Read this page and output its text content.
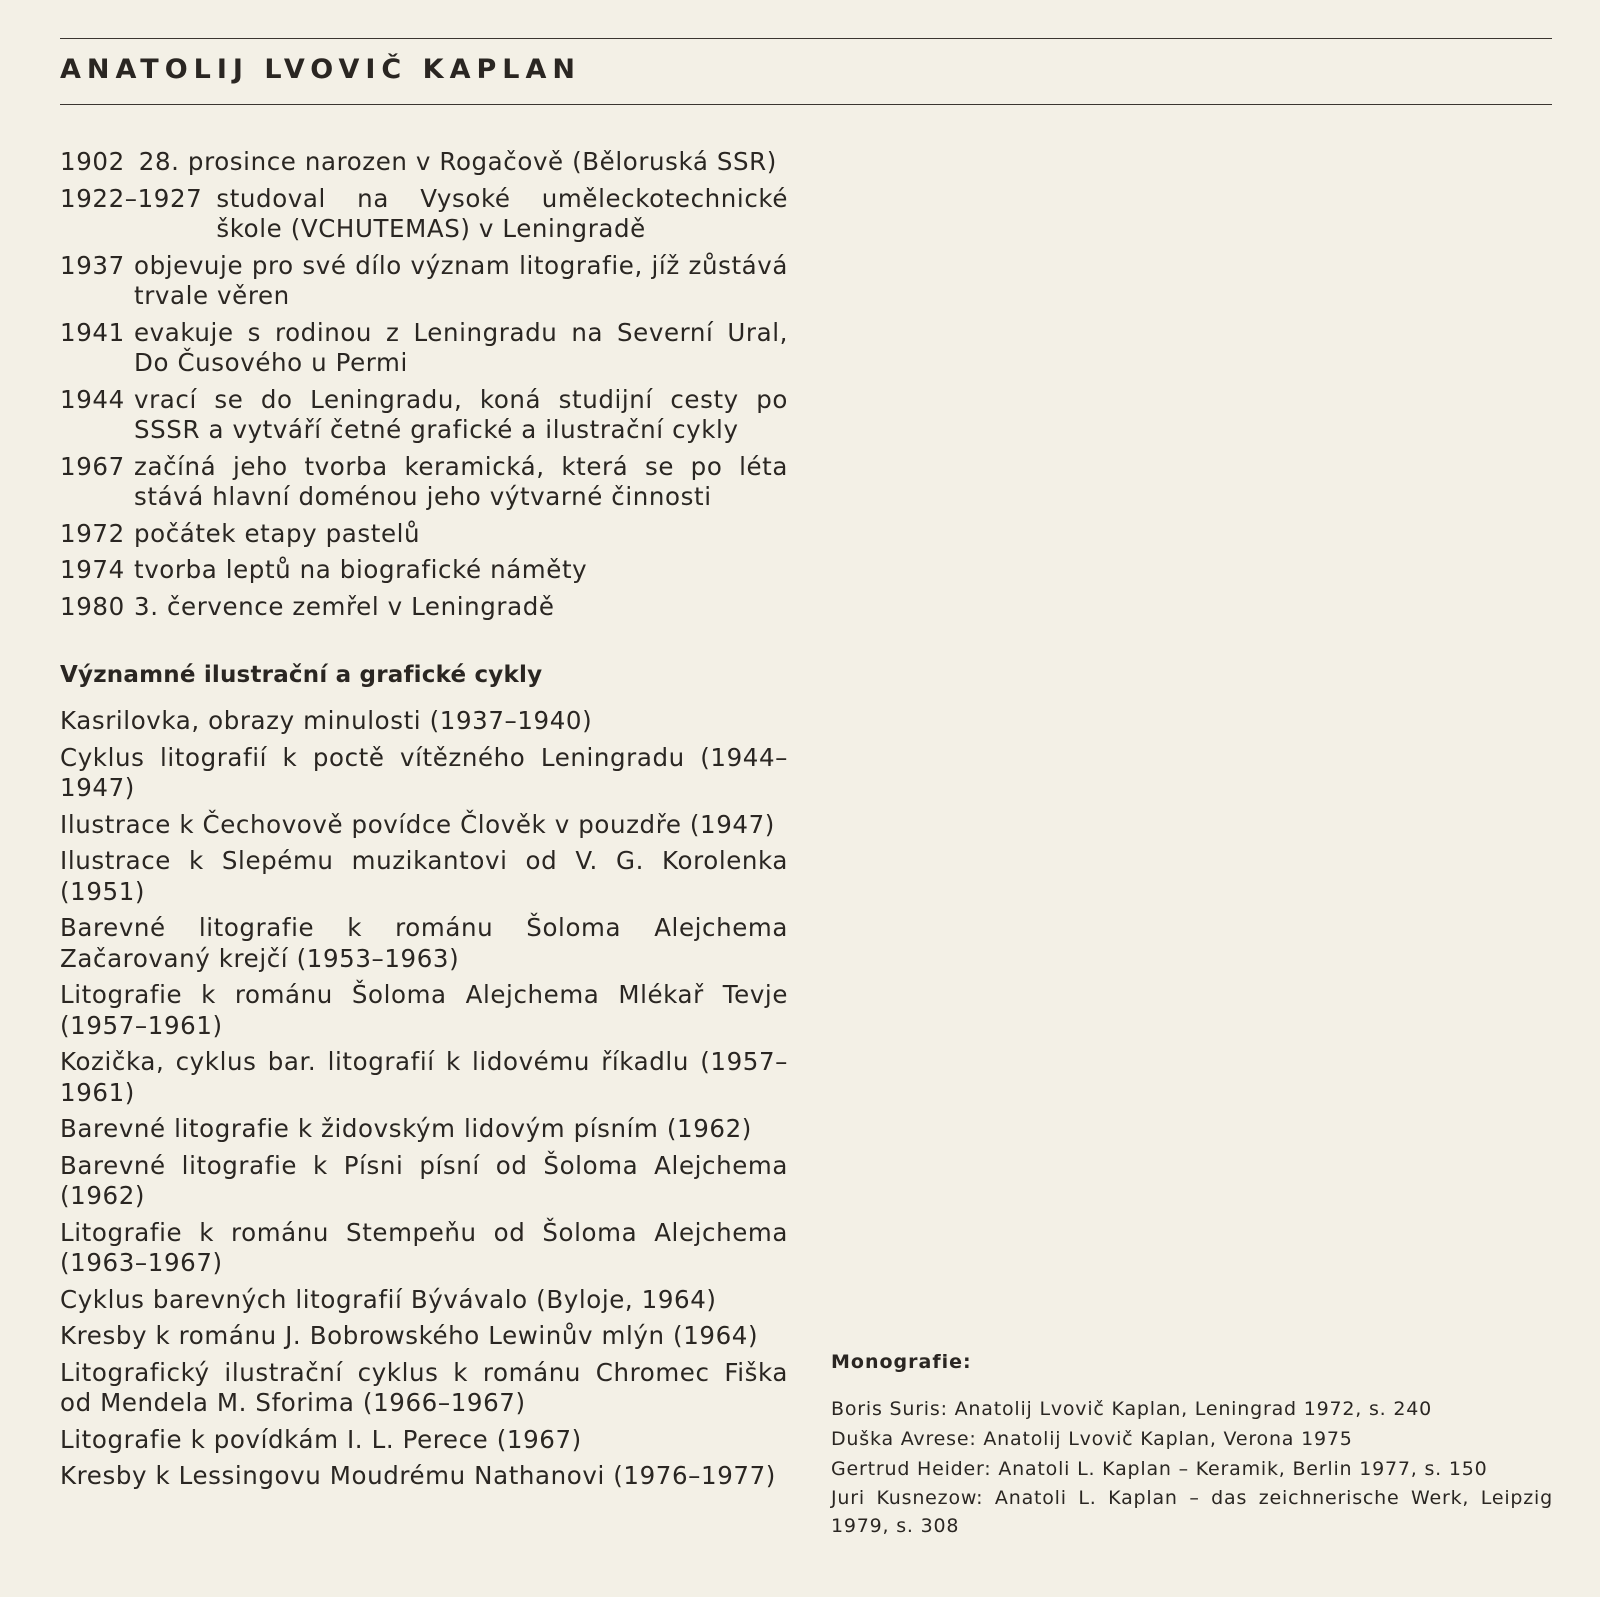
ANATOLIJ LVOVIČ KAPLAN
1902 28. prosince narozen v Rogačově (Běloruská SSR)
1922–1927 studoval na Vysoké uměleckotechnické škole (VCHUTEMAS) v Leningradě
1937 objevuje pro své dílo význam litografie, jíž zůstává trvale věren
1941 evakuje s rodinou z Leningradu na Severní Ural, Do Čusového u Permi
1944 vrací se do Leningradu, koná studijní cesty po SSSR a vytváří četné grafické a ilustrační cykly
1967 začíná jeho tvorba keramická, která se po léta stává hlavní doménou jeho výtvarné činnosti
1972 počátek etapy pastelů
1974 tvorba leptů na biografické náměty
1980 3. července zemřel v Leningradě
Významné ilustrační a grafické cykly
Kasrilovka, obrazy minulosti (1937–1940)
Cyklus litografií k poctě vítězného Leningradu (1944–1947)
Ilustrace k Čechovově povídce Člověk v pouzdře (1947)
Ilustrace k Slepému muzikantovi od V. G. Korolenka (1951)
Barevné litografie k románu Šoloma Alejchema Začarovaný krejčí (1953–1963)
Litografie k románu Šoloma Alejchema Mlékař Tevje (1957–1961)
Kozička, cyklus bar. litografií k lidovému říkadlu (1957–1961)
Barevné litografie k židovským lidovým písním (1962)
Barevné litografie k Písni písní od Šoloma Alejchema (1962)
Litografie k románu Stempeňu od Šoloma Alejchema (1963–1967)
Cyklus barevných litografií Bývávalo (Byloje, 1964)
Kresby k románu J. Bobrowského Lewinův mlýn (1964)
Litografický ilustrační cyklus k románu Chromec Fiška od Mendela M. Sforima (1966–1967)
Litografie k povídkám I. L. Perece (1967)
Kresby k Lessingovu Moudrému Nathanovi (1976–1977)
Monografie:
Boris Suris: Anatolij Lvovič Kaplan, Leningrad 1972, s. 240
Duška Avrese: Anatolij Lvovič Kaplan, Verona 1975
Gertrud Heider: Anatoli L. Kaplan – Keramik, Berlin 1977, s. 150
Juri Kusnezow: Anatoli L. Kaplan – das zeichnerische Werk, Leipzig 1979, s. 308
